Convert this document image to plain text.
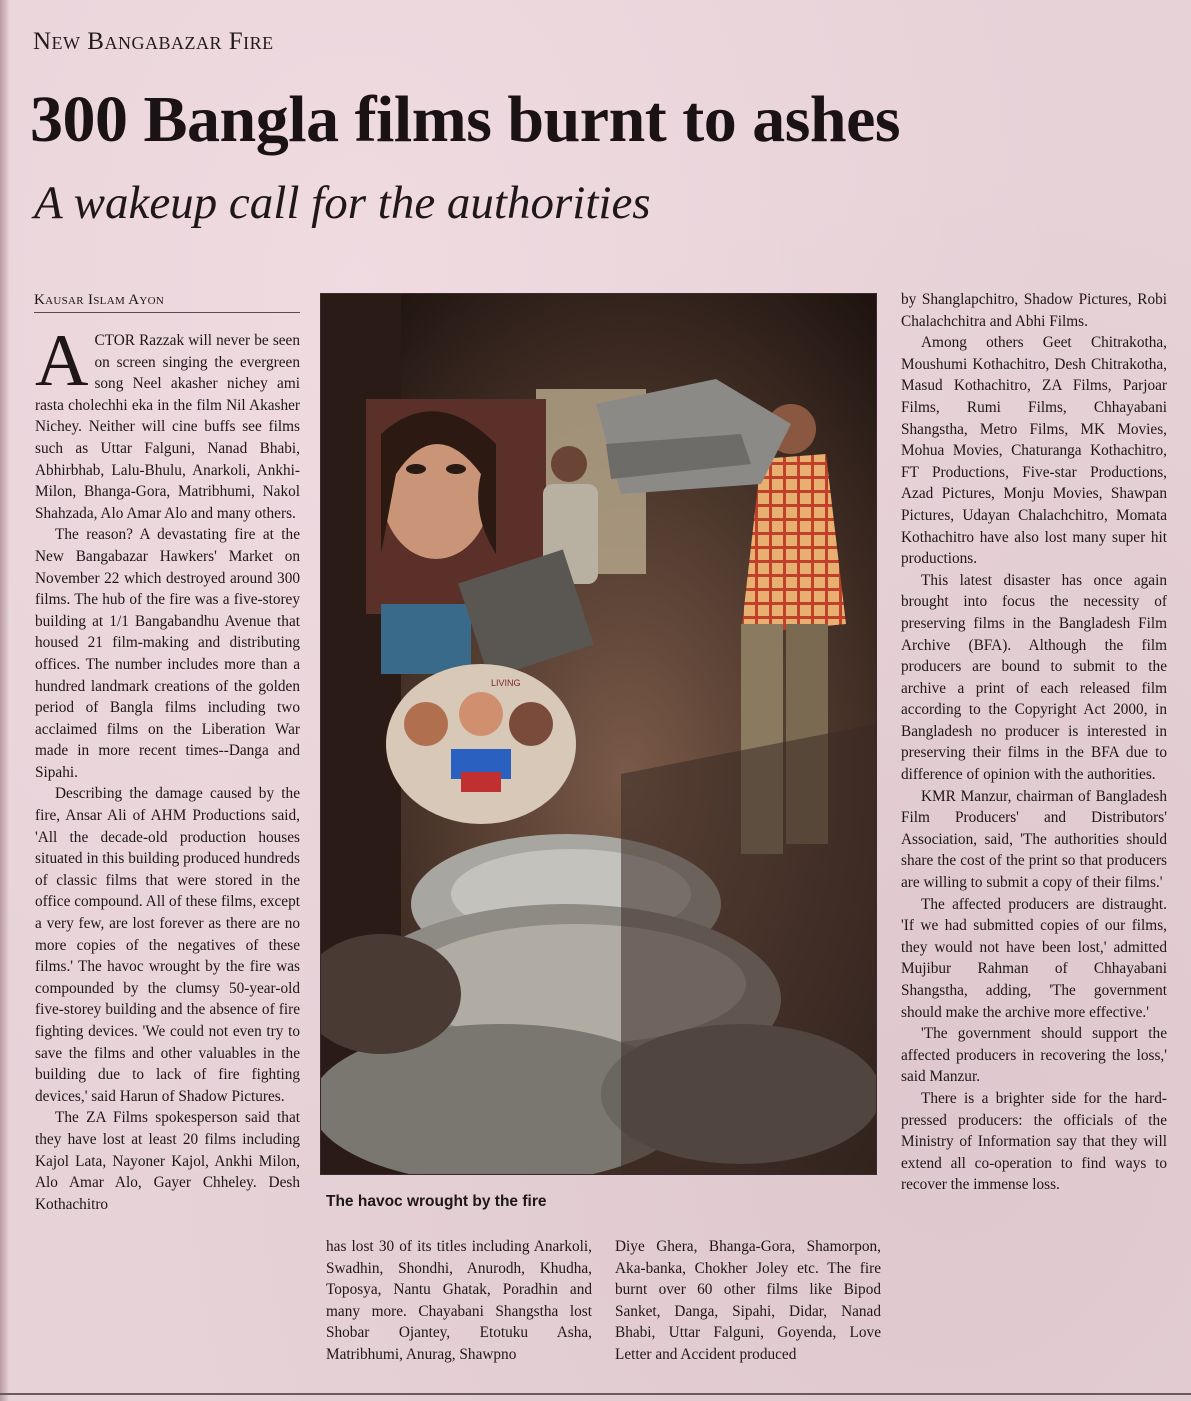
New Bangabazar Fire
300 Bangla films burnt to ashes
A wakeup call for the authorities
Kausar Islam Ayon

ACTOR Razzak will never be seen on screen singing the evergreen song Neel akasher nichey ami rasta cholechhi eka in the film Nil Akasher Nichey. Neither will cine buffs see films such as Uttar Falguni, Nanad Bhabi, Abhirbhab, Lalu-Bhulu, Anarkoli, Ankhi-Milon, Bhanga-Gora, Matribhumi, Nakol Shahzada, Alo Amar Alo and many others.

The reason? A devastating fire at the New Bangabazar Hawkers' Market on November 22 which destroyed around 300 films. The hub of the fire was a five-storey building at 1/1 Bangabandhu Avenue that housed 21 film-making and distributing offices. The number includes more than a hundred landmark creations of the golden period of Bangla films including two acclaimed films on the Liberation War made in more recent times--Danga and Sipahi.

Describing the damage caused by the fire, Ansar Ali of AHM Productions said, 'All the decade-old production houses situated in this building produced hundreds of classic films that were stored in the office compound. All of these films, except a very few, are lost forever as there are no more copies of the negatives of these films.' The havoc wrought by the fire was compounded by the clumsy 50-year-old five-storey building and the absence of fire fighting devices. 'We could not even try to save the films and other valuables in the building due to lack of fire fighting devices,' said Harun of Shadow Pictures.

The ZA Films spokesperson said that they have lost at least 20 films including Kajol Lata, Nayoner Kajol, Ankhi Milon, Alo Amar Alo, Gayer Chheley. Desh Kothachitro

LIVING
The havoc wrought by the fire

has lost 30 of its titles including Anarkoli, Swadhin, Shondhi, Anurodh, Khudha, Toposya, Nantu Ghatak, Poradhin and many more. Chayabani Shangstha lost Shobar Ojantey, Etotuku Asha, Matribhumi, Anurag, Shawpno

Diye Ghera, Bhanga-Gora, Shamorpon, Aka-banka, Chokher Joley etc. The fire burnt over 60 other films like Bipod Sanket, Danga, Sipahi, Didar, Nanad Bhabi, Uttar Falguni, Goyenda, Love Letter and Accident produced

by Shanglapchitro, Shadow Pictures, Robi Chalachchitra and Abhi Films.

Among others Geet Chitrakotha, Moushumi Kothachitro, Desh Chitrakotha, Masud Kothachitro, ZA Films, Parjoar Films, Rumi Films, Chhayabani Shangstha, Metro Films, MK Movies, Mohua Movies, Chaturanga Kothachitro, FT Productions, Five-star Productions, Azad Pictures, Monju Movies, Shawpan Pictures, Udayan Chalachchitro, Momata Kothachitro have also lost many super hit productions.

This latest disaster has once again brought into focus the necessity of preserving films in the Bangladesh Film Archive (BFA). Although the film producers are bound to submit to the archive a print of each released film according to the Copyright Act 2000, in Bangladesh no producer is interested in preserving their films in the BFA due to difference of opinion with the authorities.

KMR Manzur, chairman of Bangladesh Film Producers' and Distributors' Association, said, 'The authorities should share the cost of the print so that producers are willing to submit a copy of their films.'

The affected producers are distraught. 'If we had submitted copies of our films, they would not have been lost,' admitted Mujibur Rahman of Chhayabani Shangstha, adding, 'The government should make the archive more effective.'

'The government should support the affected producers in recovering the loss,' said Manzur.

There is a brighter side for the hard-pressed producers: the officials of the Ministry of Information say that they will extend all co-operation to find ways to recover the immense loss.
